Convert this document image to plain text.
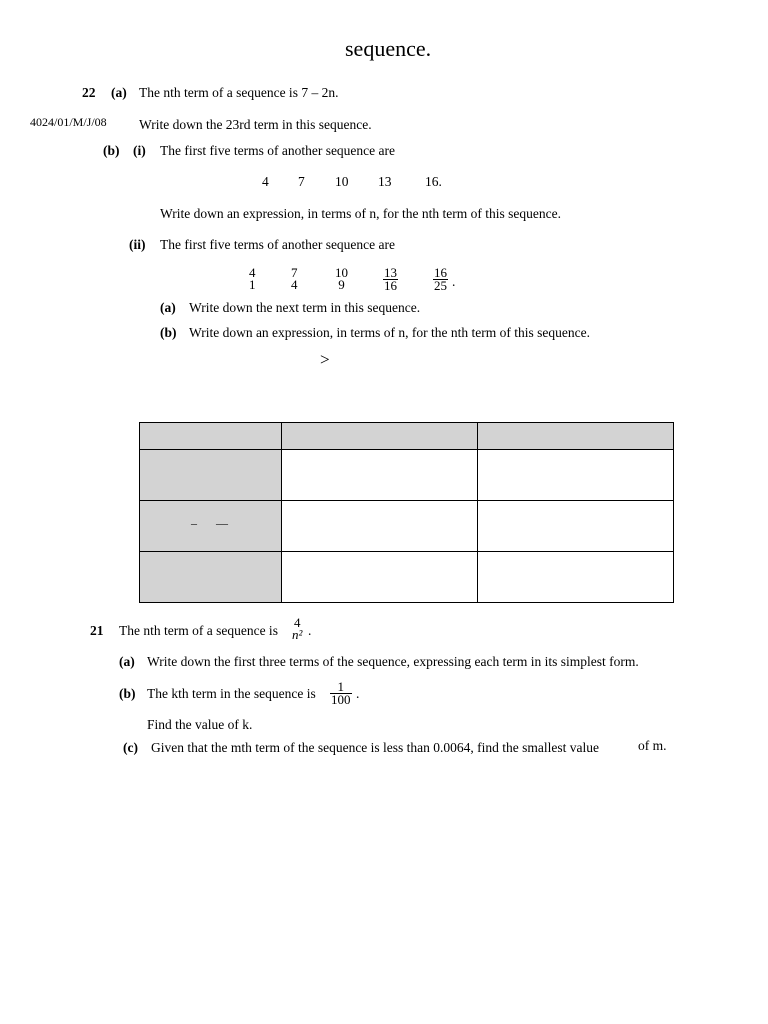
sequence.
22 (a) The nth term of a sequence is 7 – 2n.
4024/01/M/J/08 Write down the 23rd term in this sequence.
(b) (i) The first five terms of another sequence are
4 7 10 13 16.
Write down an expression, in terms of n, for the nth term of this sequence.
(ii) The first five terms of another sequence are
4
1
7
4
10
9	$\frac{13}{16}$	$\frac{16}{25}$ .
(a) Write down the next term in this sequence.
(b) Write down an expression, in terms of n, for the nth term of this sequence.
>

– —		

21 The nth term of a sequence is
4
n² .
(a) Write down the first three terms of the sequence, expressing each term in its simplest form.
(b) The kth term in the sequence is $\frac{1}{100}$ .
Find the value of k.
(c) Given that the mth term of the sequence is less than 0.0064, find the smallest value	of m.
